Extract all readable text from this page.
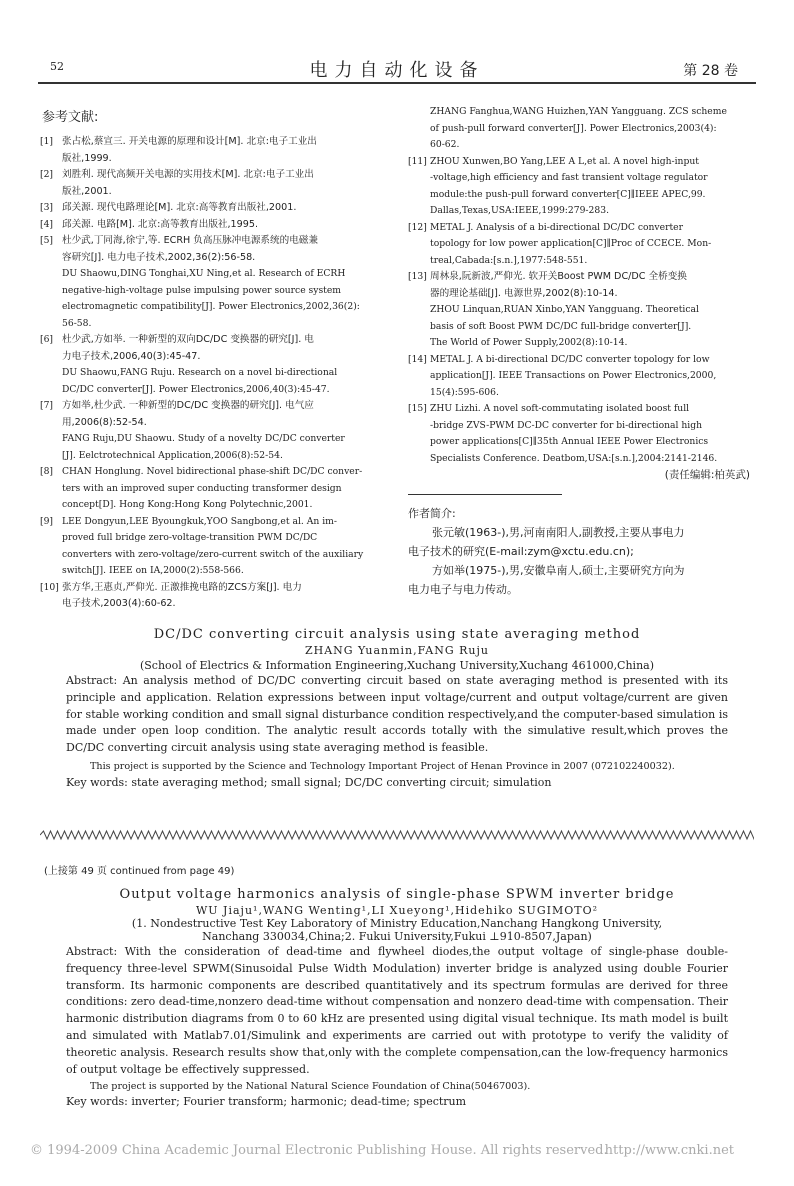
52	电力自动化设备	第 28 卷
参考文献:
[1] 张占松,蔡宣三. 开关电源的原理和设计[M]. 北京:电子工业出
版社,1999.
[2] 刘胜利. 现代高频开关电源的实用技术[M]. 北京:电子工业出
版社,2001.
[3] 邱关源. 现代电路理论[M]. 北京:高等教育出版社,2001.
[4] 邱关源. 电路[M]. 北京:高等教育出版社,1995.
[5] 杜少武,丁同海,徐宁,等. ECRH 负高压脉冲电源系统的电磁兼
容研究[J]. 电力电子技术,2002,36(2):56-58.
DU Shaowu,DING Tonghai,XU Ning,et al. Research of ECRH
negative-high-voltage pulse impulsing power source system
electromagnetic compatibility[J]. Power Electronics,2002,36(2):
56-58.
[6] 杜少武,方如举. 一种新型的双向DC/DC 变换器的研究[J]. 电
力电子技术,2006,40(3):45-47.
DU Shaowu,FANG Ruju. Research on a novel bi-directional
DC/DC converter[J]. Power Electronics,2006,40(3):45-47.
[7] 方如举,杜少武. 一种新型的DC/DC 变换器的研究[J]. 电气应
用,2006(8):52-54.
FANG Ruju,DU Shaowu. Study of a novelty DC/DC converter
[J]. Eelctrotechnical Application,2006(8):52-54.
[8] CHAN Honglung. Novel bidirectional phase-shift DC/DC conver-
ters with an improved super conducting transformer design
concept[D]. Hong Kong:Hong Kong Polytechnic,2001.
[9] LEE Dongyun,LEE Byoungkuk,YOO Sangbong,et al. An im-
proved full bridge zero-voltage-transition PWM DC/DC
converters with zero-voltage/zero-current switch of the auxiliary
switch[J]. IEEE on IA,2000(2):558-566.
[10] 张方华,王惠贞,严仰光. 正激推挽电路的ZCS方案[J]. 电力
电子技术,2003(4):60-62.
ZHANG Fanghua,WANG Huizhen,YAN Yangguang. ZCS scheme
of push-pull forward converter[J]. Power Electronics,2003(4):
60-62.
[11] ZHOU Xunwen,BO Yang,LEE A L,et al. A novel high-input
-voltage,high efficiency and fast transient voltage regulator
module:the push-pull forward converter[C]∥IEEE APEC,99.
Dallas,Texas,USA:IEEE,1999:279-283.
[12] METAL J. Analysis of a bi-directional DC/DC converter
topology for low power application[C]∥Proc of CCECE. Mon-
treal,Cabada:[s.n.],1977:548-551.
[13] 周林泉,阮新波,严仰光. 软开关Boost PWM DC/DC 全桥变换
器的理论基础[J]. 电源世界,2002(8):10-14.
ZHOU Linquan,RUAN Xinbo,YAN Yangguang. Theoretical
basis of soft Boost PWM DC/DC full-bridge converter[J].
The World of Power Supply,2002(8):10-14.
[14] METAL J. A bi-directional DC/DC converter topology for low
application[J]. IEEE Transactions on Power Electronics,2000,
15(4):595-606.
[15] ZHU Lizhi. A novel soft-commutating isolated boost full
-bridge ZVS-PWM DC-DC converter for bi-directional high
power applications[C]∥35th Annual IEEE Power Electronics
Specialists Conference. Deatbom,USA:[s.n.],2004:2141-2146.
(责任编辑:柏英武)
作者简介:
张元敏(1963-),男,河南南阳人,副教授,主要从事电力
电子技术的研究(E-mail:zym@xctu.edu.cn);
方如举(1975-),男,安徽阜南人,硕士,主要研究方向为
电力电子与电力传动。
DC/DC converting circuit analysis using state averaging method
ZHANG Yuanmin,FANG Ruju
(School of Electrics & Information Engineering,Xuchang University,Xuchang 461000,China)
Abstract: An analysis method of DC/DC converting circuit based on state averaging method is presented with its principle and application. Relation expressions between input voltage/current and output voltage/current are given for stable working condition and small signal disturbance condition respectively,and the computer-based simulation is made under open loop condition. The analytic result accords totally with the simulative result,which proves the DC/DC converting circuit analysis using state averaging method is feasible.
This project is supported by the Science and Technology Important Project of Henan Province in 2007 (072102240032).
Key words: state averaging method; small signal; DC/DC converting circuit; simulation
(上接第 49 页 continued from page 49)
Output voltage harmonics analysis of single-phase SPWM inverter bridge
WU Jiaju¹,WANG Wenting¹,LI Xueyong¹,Hidehiko SUGIMOTO²
(1. Nondestructive Test Key Laboratory of Ministry Education,Nanchang Hangkong University,
Nanchang 330034,China;2. Fukui University,Fukui ⊥910-8507,Japan)
Abstract: With the consideration of dead-time and flywheel diodes,the output voltage of single-phase double-frequency three-level SPWM(Sinusoidal Pulse Width Modulation) inverter bridge is analyzed using double Fourier transform. Its harmonic components are described quantitatively and its spectrum formulas are derived for three conditions: zero dead-time,nonzero dead-time without compensation and nonzero dead-time with compensation. Their harmonic distribution diagrams from 0 to 60 kHz are presented using digital visual technique. Its math model is built and simulated with Matlab7.01/Simulink and experiments are carried out with prototype to verify the validity of theoretic analysis. Research results show that,only with the complete compensation,can the low-frequency harmonics of output voltage be effectively suppressed.
The project is supported by the National Natural Science Foundation of China(50467003).
Key words: inverter; Fourier transform; harmonic; dead-time; spectrum
© 1994-2009 China Academic Journal Electronic Publishing House. All rights reserved.
http://www.cnki.net
